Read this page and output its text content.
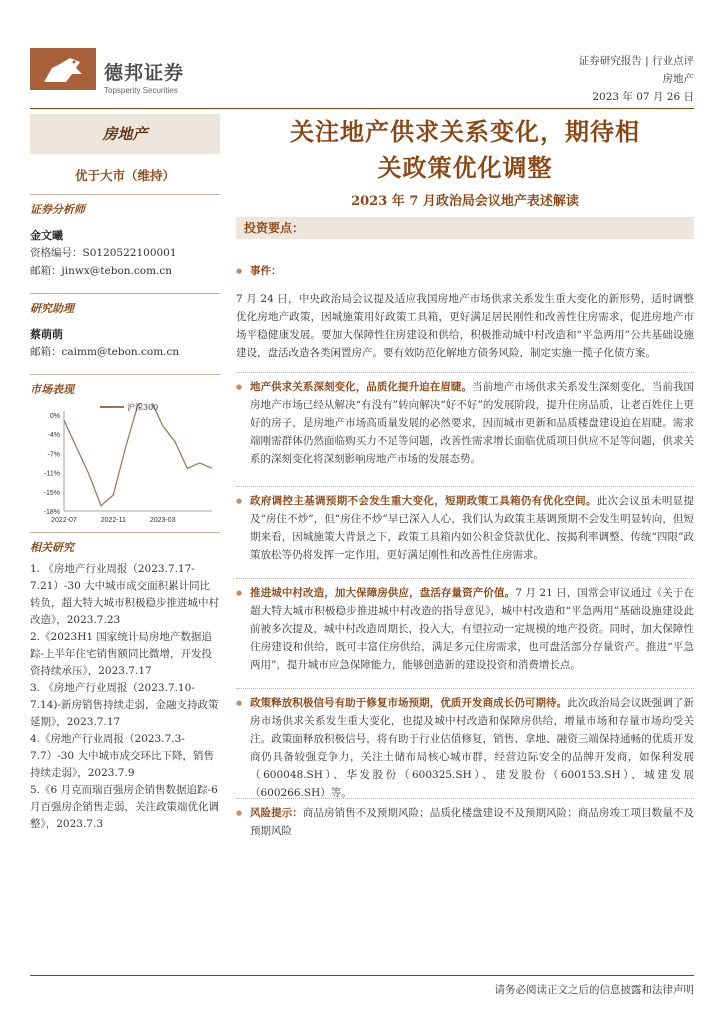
德邦证券
Topsperity Securities
证券研究报告 | 行业点评
房地产
2023 年 07 月 26 日
房地产
优于大市（维持）
证券分析师
金文曦
资格编号：S0120522100001
邮箱：jinwx@tebon.com.cn
研究助理
蔡萌萌
邮箱：caimm@tebon.com.cn
市场表现
0%
-4%
-7%
-11%
-15%
-18%
2022-07	2022-11	2023-03
沪深300
相关研究
1. 《房地产行业周报（2023.7.17-7.21）-30 大中城市成交面积累计同比转负，超大特大城市积极稳步推进城中村改造》，2023.7.23
2.《2023H1 国家统计局房地产数据追踪-上半年住宅销售额同比微增，开发投资持续承压》，2023.7.17
3. 《房地产行业周报（2023.7.10-7.14)-新房销售持续走弱，金融支持政策延期》，2023.7.17
4.《房地产行业周报（2023.7.3-7.7）-30 大中城市成交环比下降，销售持续走弱》，2023.7.9
5.《6 月克而瑞百强房企销售数据追踪-6 月百强房企销售走弱，关注政策端优化调整》，2023.7.3
关注地产供求关系变化，期待相
关政策优化调整
2023 年 7 月政治局会议地产表述解读
投资要点：
● 事件：
7 月 24 日，中央政治局会议提及适应我国房地产市场供求关系发生重大变化的新形势，适时调整优化房地产政策，因城施策用好政策工具箱，更好满足居民刚性和改善性住房需求，促进房地产市场平稳健康发展。要加大保障性住房建设和供给，积极推动城中村改造和“平急两用”公共基础设施建设，盘活改造各类闲置房产。要有效防范化解地方债务风险，制定实施一揽子化债方案。
● 地产供求关系深刻变化，品质化提升迫在眉睫。当前地产市场供求关系发生深刻变化，当前我国房地产市场已经从解决“有没有”转向解决“好不好”的发展阶段，提升住房品质，让老百姓住上更好的房子，是房地产市场高质量发展的必然要求，因而城市更新和品质楼盘建设迫在眉睫。需求端刚需群体仍然面临购买力不足等问题，改善性需求增长面临优质项目供应不足等问题，供求关系的深刻变化将深刻影响房地产市场的发展态势。
● 政府调控主基调预期不会发生重大变化，短期政策工具箱仍有优化空间。此次会议虽未明显提及“房住不炒”，但“房住不炒”早已深入人心，我们认为政策主基调预期不会发生明显转向，但短期来看，因城施策大背景之下，政策工具箱内如公积金贷款优化、按揭利率调整、传统“四限”政策放松等仍将发挥一定作用，更好满足刚性和改善性住房需求。
● 推进城中村改造，加大保障房供应，盘活存量资产价值。7 月 21 日，国常会审议通过《关于在超大特大城市积极稳步推进城中村改造的指导意见》，城中村改造和“平急两用”基础设施建设此前被多次提及，城中村改造周期长，投入大，有望拉动一定规模的地产投资。同时，加大保障性住房建设和供给，既可丰富住房供给，满足多元住房需求，也可盘活部分存量资产。推进“平急两用”，提升城市应急保障能力，能够创造新的建设投资和消费增长点。
● 政策释放积极信号有助于修复市场预期，优质开发商成长仍可期待。此次政治局会议既强调了新房市场供求关系发生重大变化，也提及城中村改造和保障房供给，增量市场和存量市场均受关注。政策面释放积极信号，将有助于行业估值修复，销售、拿地、融资三端保持通畅的优质开发商仍具备较强竞争力，关注土储布局核心城市群，经营边际安全的品牌开发商，如保利发展（600048.SH）、华发股份（600325.SH）、建发股份（600153.SH）、城建发展（600266.SH）等。
● 风险提示：商品房销售不及预期风险；品质化楼盘建设不及预期风险；商品房竣工项目数量不及预期风险
请务必阅读正文之后的信息披露和法律声明
